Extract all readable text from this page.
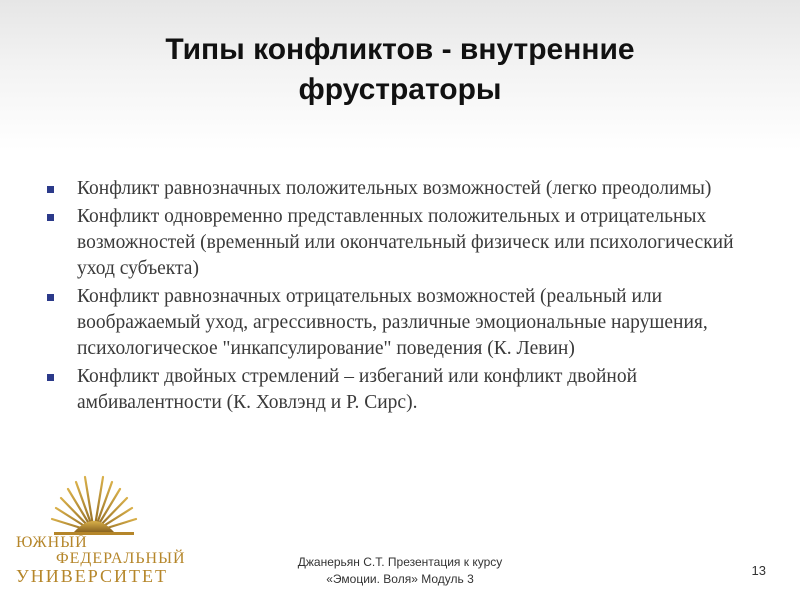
Типы конфликтов - внутренние
фрустраторы
Конфликт равнозначных положительных возможностей (легко преодолимы)
Конфликт одновременно представленных положительных и отрицательных возможностей (временный или окончательный физическ или психологический уход субъекта)
Конфликт равнозначных отрицательных возможностей (реальный или воображаемый уход, агрессивность, различные эмоциональные нарушения, психологическое "инкапсулирование" поведения (К. Левин)
Конфликт двойных стремлений – избеганий или конфликт двойной амбивалентности (К. Ховлэнд и Р. Сирс).
ЮЖНЫЙ
ФЕДЕРАЛЬНЫЙ
УНИВЕРСИТЕТ
Джанерьян С.Т. Презентация к курсу
«Эмоции. Воля» Модуль 3
13
